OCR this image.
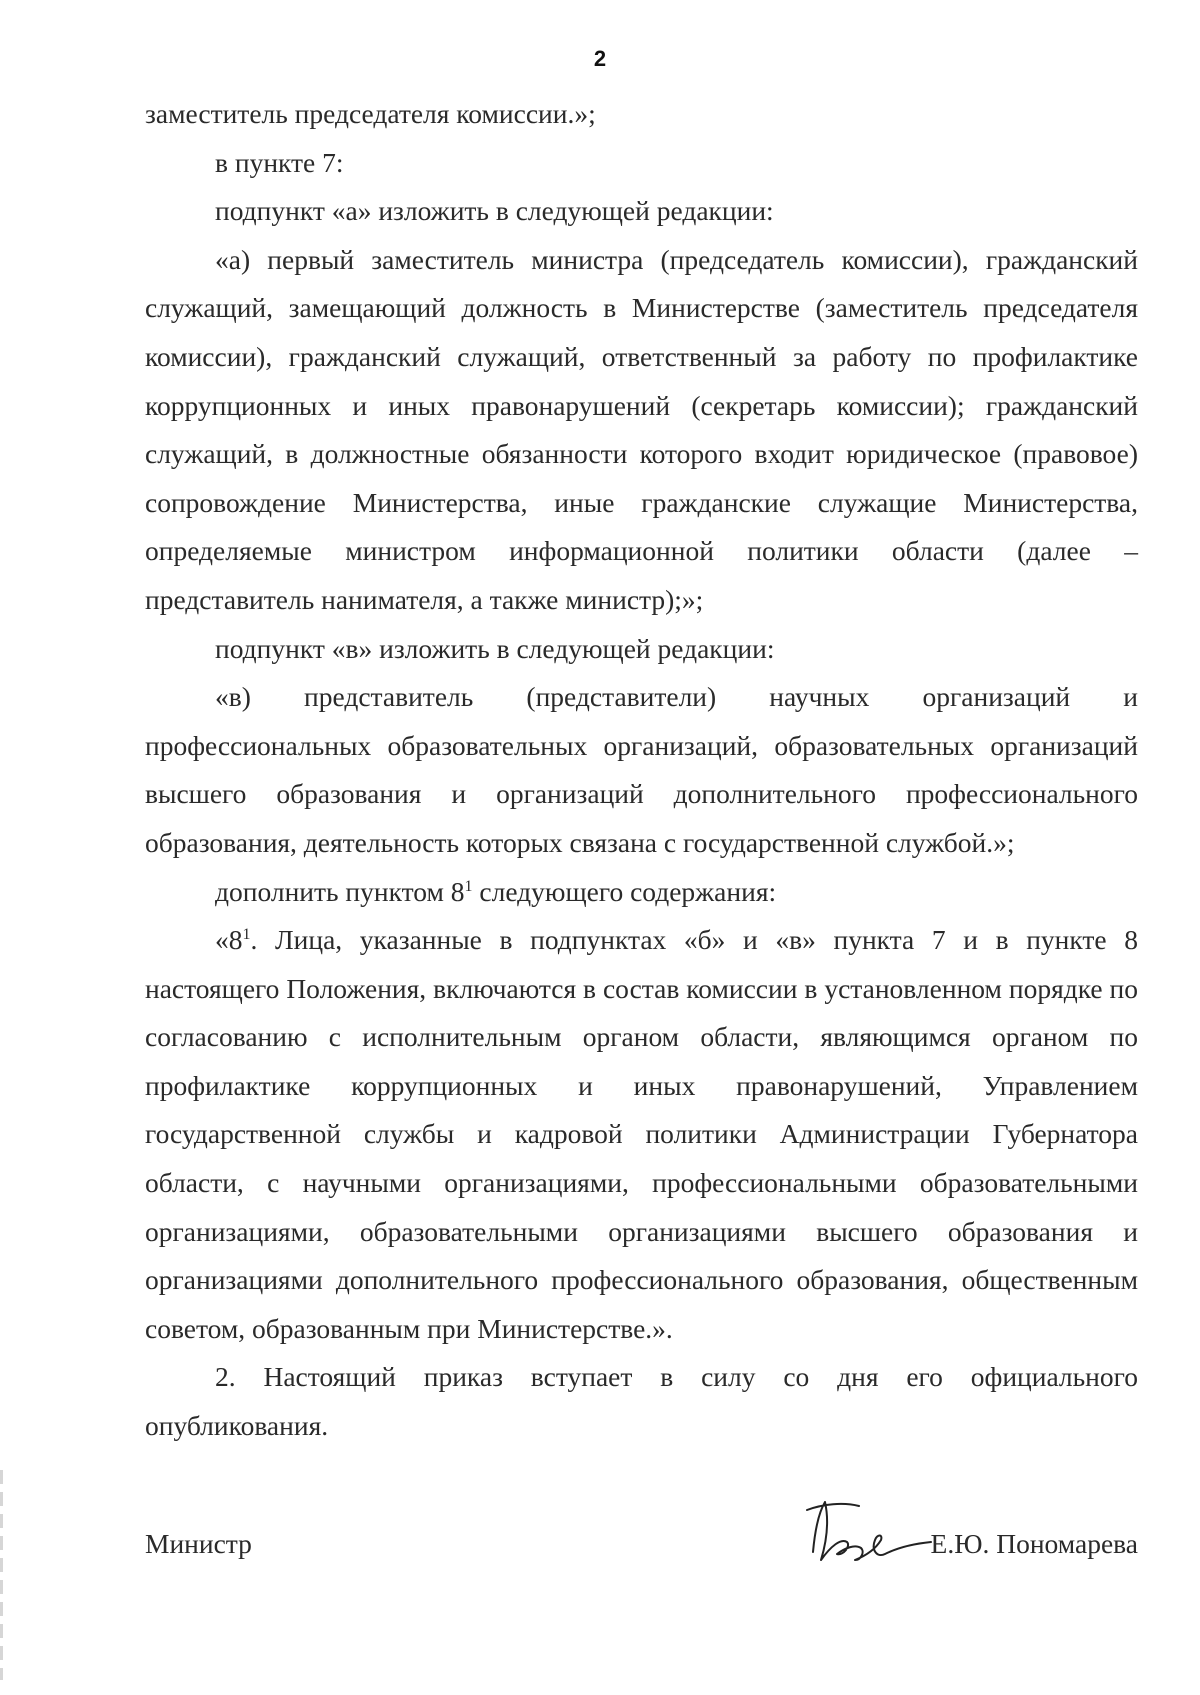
2

заместитель председателя комиссии.»;

в пункте 7:

подпункт «а» изложить в следующей редакции:

«а) первый заместитель министра (председатель комиссии), гражданский служащий, замещающий должность в Министерстве (заместитель председателя комиссии), гражданский служащий, ответственный за работу по профилактике коррупционных и иных правонарушений (секретарь комиссии); гражданский служащий, в должностные обязанности которого входит юридическое (правовое) сопровождение Министерства, иные гражданские служащие Министерства, определяемые министром информационной политики области (далее – представитель нанимателя, а также министр);»;

подпункт «в» изложить в следующей редакции:

«в) представитель (представители) научных организаций и профессиональных образовательных организаций, образовательных организаций высшего образования и организаций дополнительного профессионального образования, деятельность которых связана с государственной службой.»;

дополнить пунктом $8^1$ следующего содержания:

«$8^1$. Лица, указанные в подпунктах «б» и «в» пункта 7 и в пункте 8 настоящего Положения, включаются в состав комиссии в установленном порядке по согласованию с исполнительным органом области, являющимся органом по профилактике коррупционных и иных правонарушений, Управлением государственной службы и кадровой политики Администрации Губернатора области, с научными организациями, профессиональными образовательными организациями, образовательными организациями высшего образования и организациями дополнительного профессионального образования, общественным советом, образованным при Министерстве.».

2. Настоящий приказ вступает в силу со дня его официального опубликования.

Министр	Е.Ю. Пономарева
